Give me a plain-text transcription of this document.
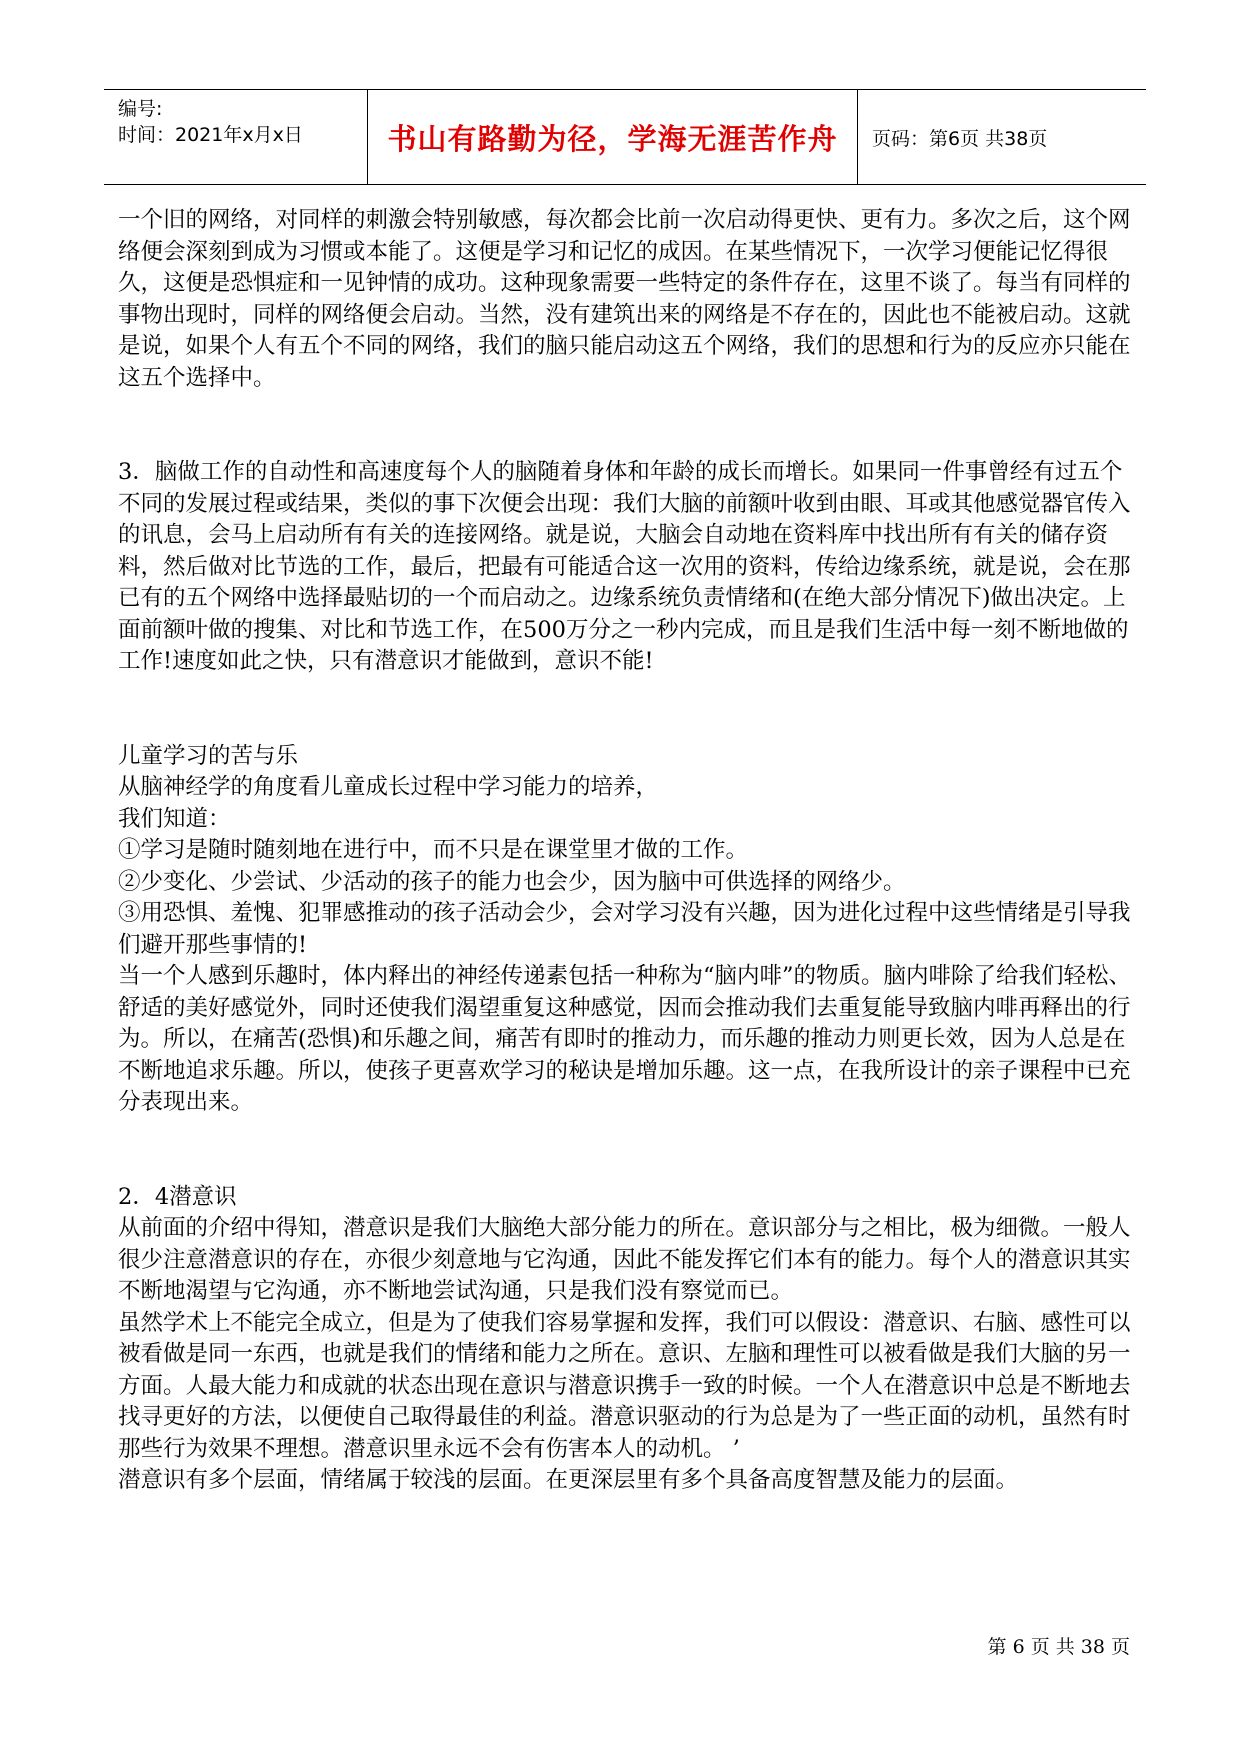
编号:
时间：2021年x月x日	书山有路勤为径，学海无涯苦作舟	页码：第6页 共38页

一个旧的网络，对同样的刺激会特别敏感，每次都会比前一次启动得更快、更有力。多次之后，这个网络便会深刻到成为习惯或本能了。这便是学习和记忆的成因。在某些情况下，一次学习便能记忆得很久，这便是恐惧症和一见钟情的成功。这种现象需要一些特定的条件存在，这里不谈了。每当有同样的事物出现时，同样的网络便会启动。当然，没有建筑出来的网络是不存在的，因此也不能被启动。这就是说，如果个人有五个不同的网络，我们的脑只能启动这五个网络，我们的思想和行为的反应亦只能在这五个选择中。

3．脑做工作的自动性和高速度每个人的脑随着身体和年龄的成长而增长。如果同一件事曾经有过五个不同的发展过程或结果，类似的事下次便会出现：我们大脑的前额叶收到由眼、耳或其他感觉器官传入的讯息，会马上启动所有有关的连接网络。就是说，大脑会自动地在资料库中找出所有有关的储存资料，然后做对比节选的工作，最后，把最有可能适合这一次用的资料，传给边缘系统，就是说，会在那已有的五个网络中选择最贴切的一个而启动之。边缘系统负责情绪和(在绝大部分情况下)做出决定。上面前额叶做的搜集、对比和节选工作，在500万分之一秒内完成，而且是我们生活中每一刻不断地做的工作!速度如此之快，只有潜意识才能做到，意识不能!

儿童学习的苦与乐

从脑神经学的角度看儿童成长过程中学习能力的培养，

我们知道：

①学习是随时随刻地在进行中，而不只是在课堂里才做的工作。

②少变化、少尝试、少活动的孩子的能力也会少，因为脑中可供选择的网络少。

③用恐惧、羞愧、犯罪感推动的孩子活动会少，会对学习没有兴趣，因为进化过程中这些情绪是引导我们避开那些事情的!

当一个人感到乐趣时，体内释出的神经传递素包括一种称为“脑内啡”的物质。脑内啡除了给我们轻松、舒适的美好感觉外，同时还使我们渴望重复这种感觉，因而会推动我们去重复能导致脑内啡再释出的行为。所以，在痛苦(恐惧)和乐趣之间，痛苦有即时的推动力，而乐趣的推动力则更长效，因为人总是在不断地追求乐趣。所以，使孩子更喜欢学习的秘诀是增加乐趣。这一点，在我所设计的亲子课程中已充分表现出来。

2．4潜意识

从前面的介绍中得知，潜意识是我们大脑绝大部分能力的所在。意识部分与之相比，极为细微。一般人很少注意潜意识的存在，亦很少刻意地与它沟通，因此不能发挥它们本有的能力。每个人的潜意识其实不断地渴望与它沟通，亦不断地尝试沟通，只是我们没有察觉而已。

虽然学术上不能完全成立，但是为了使我们容易掌握和发挥，我们可以假设：潜意识、右脑、感性可以被看做是同一东西，也就是我们的情绪和能力之所在。意识、左脑和理性可以被看做是我们大脑的另一方面。人最大能力和成就的状态出现在意识与潜意识携手一致的时候。一个人在潜意识中总是不断地去找寻更好的方法，以便使自己取得最佳的利益。潜意识驱动的行为总是为了一些正面的动机，虽然有时那些行为效果不理想。潜意识里永远不会有伤害本人的动机。 ’

潜意识有多个层面，情绪属于较浅的层面。在更深层里有多个具备高度智慧及能力的层面。

第 6 页 共 38 页
